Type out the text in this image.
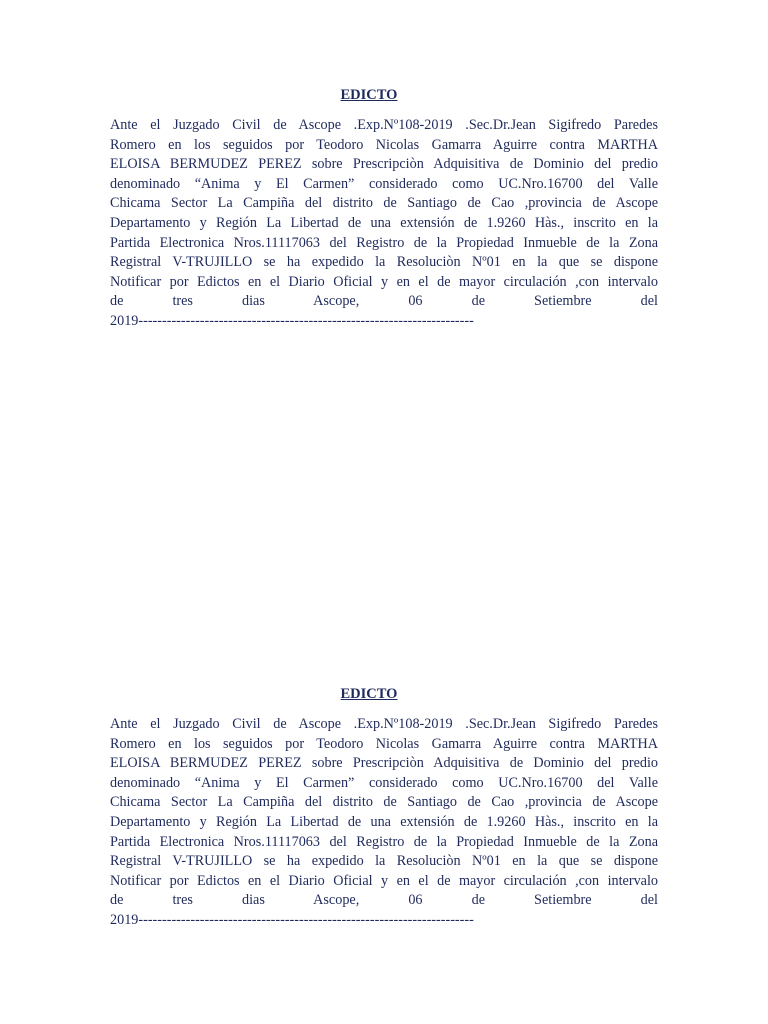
EDICTO
Ante el Juzgado Civil de Ascope .Exp.Nº108-2019 .Sec.Dr.Jean Sigifredo Paredes
Romero en los seguidos por Teodoro Nicolas Gamarra Aguirre contra MARTHA
ELOISA BERMUDEZ PEREZ sobre Prescripciòn Adquisitiva de Dominio del predio
denominado “Anima y El Carmen” considerado como UC.Nro.16700 del Valle
Chicama Sector La Campiña del distrito de Santiago de Cao ,provincia de Ascope
Departamento y Región La Libertad de una extensión de 1.9260 Hàs., inscrito en la
Partida Electronica Nros.11117063 del Registro de la Propiedad Inmueble de la Zona
Registral V-TRUJILLO se ha expedido la Resoluciòn Nº01 en la que se dispone
Notificar por Edictos en el Diario Oficial y en el de mayor circulación ,con intervalo
de tres dias Ascope, 06 de Setiembre del
2019-----------------------------------------------------------------------
EDICTO
Ante el Juzgado Civil de Ascope .Exp.Nº108-2019 .Sec.Dr.Jean Sigifredo Paredes
Romero en los seguidos por Teodoro Nicolas Gamarra Aguirre contra MARTHA
ELOISA BERMUDEZ PEREZ sobre Prescripciòn Adquisitiva de Dominio del predio
denominado “Anima y El Carmen” considerado como UC.Nro.16700 del Valle
Chicama Sector La Campiña del distrito de Santiago de Cao ,provincia de Ascope
Departamento y Región La Libertad de una extensión de 1.9260 Hàs., inscrito en la
Partida Electronica Nros.11117063 del Registro de la Propiedad Inmueble de la Zona
Registral V-TRUJILLO se ha expedido la Resoluciòn Nº01 en la que se dispone
Notificar por Edictos en el Diario Oficial y en el de mayor circulación ,con intervalo
de tres dias Ascope, 06 de Setiembre del
2019-----------------------------------------------------------------------
